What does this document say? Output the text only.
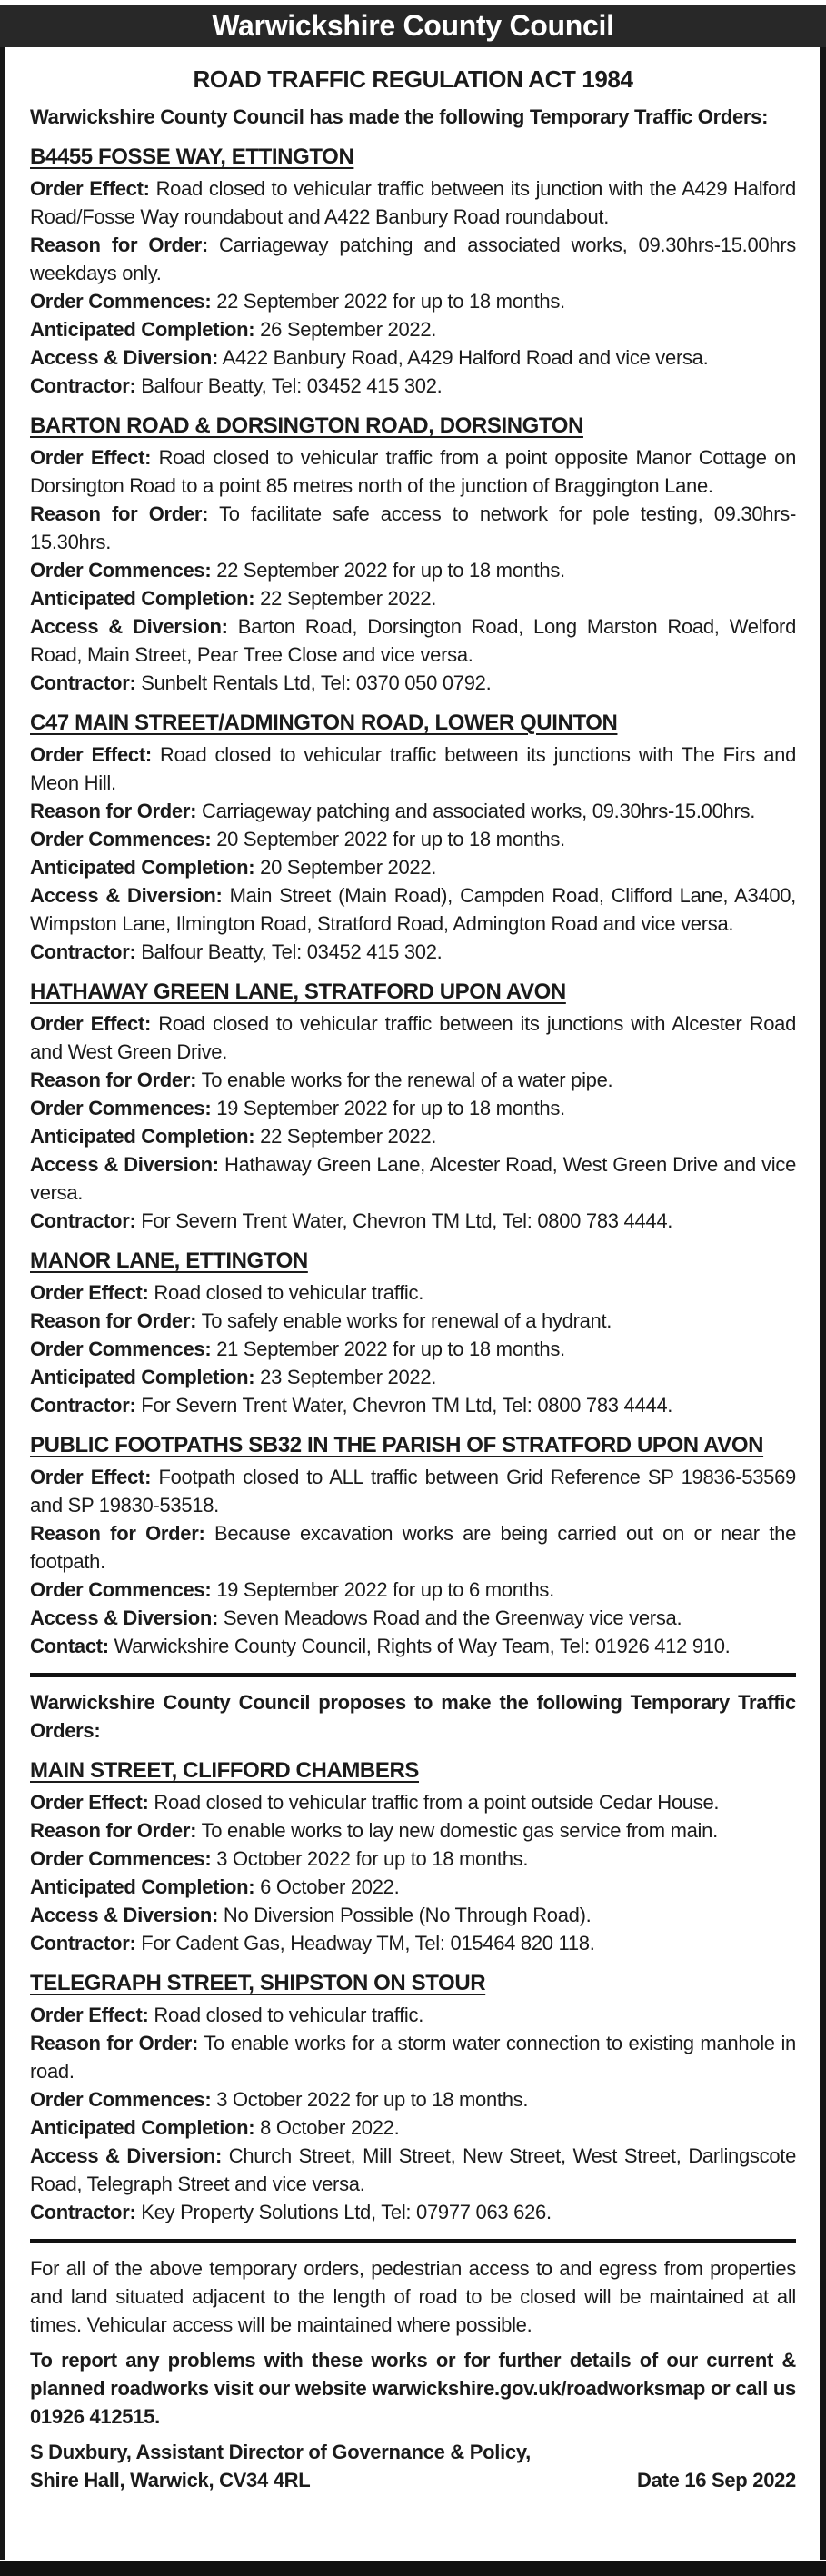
Warwickshire County Council
ROAD TRAFFIC REGULATION ACT 1984

Warwickshire County Council has made the following Temporary Traffic Orders:

B4455 FOSSE WAY, ETTINGTON

Order Effect: Road closed to vehicular traffic between its junction with the A429 Halford Road/Fosse Way roundabout and A422 Banbury Road roundabout.

Reason for Order: Carriageway patching and associated works, 09.30hrs-15.00hrs weekdays only.

Order Commences: 22 September 2022 for up to 18 months.

Anticipated Completion: 26 September 2022.

Access & Diversion: A422 Banbury Road, A429 Halford Road and vice versa.

Contractor: Balfour Beatty, Tel: 03452 415 302.

BARTON ROAD & DORSINGTON ROAD, DORSINGTON

Order Effect: Road closed to vehicular traffic from a point opposite Manor Cottage on Dorsington Road to a point 85 metres north of the junction of Braggington Lane.

Reason for Order: To facilitate safe access to network for pole testing, 09.30hrs-15.30hrs.

Order Commences: 22 September 2022 for up to 18 months.

Anticipated Completion: 22 September 2022.

Access & Diversion: Barton Road, Dorsington Road, Long Marston Road, Welford Road, Main Street, Pear Tree Close and vice versa.

Contractor: Sunbelt Rentals Ltd, Tel: 0370 050 0792.

C47 MAIN STREET/ADMINGTON ROAD, LOWER QUINTON

Order Effect: Road closed to vehicular traffic between its junctions with The Firs and Meon Hill.

Reason for Order: Carriageway patching and associated works, 09.30hrs-15.00hrs.

Order Commences: 20 September 2022 for up to 18 months.

Anticipated Completion: 20 September 2022.

Access & Diversion: Main Street (Main Road), Campden Road, Clifford Lane, A3400, Wimpston Lane, Ilmington Road, Stratford Road, Admington Road and vice versa.

Contractor: Balfour Beatty, Tel: 03452 415 302.

HATHAWAY GREEN LANE, STRATFORD UPON AVON

Order Effect: Road closed to vehicular traffic between its junctions with Alcester Road and West Green Drive.

Reason for Order: To enable works for the renewal of a water pipe.

Order Commences: 19 September 2022 for up to 18 months.

Anticipated Completion: 22 September 2022.

Access & Diversion: Hathaway Green Lane, Alcester Road, West Green Drive and vice versa.

Contractor: For Severn Trent Water, Chevron TM Ltd, Tel: 0800 783 4444.

MANOR LANE, ETTINGTON

Order Effect: Road closed to vehicular traffic.

Reason for Order: To safely enable works for renewal of a hydrant.

Order Commences: 21 September 2022 for up to 18 months.

Anticipated Completion: 23 September 2022.

Contractor: For Severn Trent Water, Chevron TM Ltd, Tel: 0800 783 4444.

PUBLIC FOOTPATHS SB32 IN THE PARISH OF STRATFORD UPON AVON

Order Effect: Footpath closed to ALL traffic between Grid Reference SP 19836-53569 and SP 19830-53518.

Reason for Order: Because excavation works are being carried out on or near the footpath.

Order Commences: 19 September 2022 for up to 6 months.

Access & Diversion: Seven Meadows Road and the Greenway vice versa.

Contact: Warwickshire County Council, Rights of Way Team, Tel: 01926 412 910.

Warwickshire County Council proposes to make the following Temporary Traffic Orders:

MAIN STREET, CLIFFORD CHAMBERS

Order Effect: Road closed to vehicular traffic from a point outside Cedar House.

Reason for Order: To enable works to lay new domestic gas service from main.

Order Commences: 3 October 2022 for up to 18 months.

Anticipated Completion: 6 October 2022.

Access & Diversion: No Diversion Possible (No Through Road).

Contractor: For Cadent Gas, Headway TM, Tel: 015464 820 118.

TELEGRAPH STREET, SHIPSTON ON STOUR

Order Effect: Road closed to vehicular traffic.

Reason for Order: To enable works for a storm water connection to existing manhole in road.

Order Commences: 3 October 2022 for up to 18 months.

Anticipated Completion: 8 October 2022.

Access & Diversion: Church Street, Mill Street, New Street, West Street, Darlingscote Road, Telegraph Street and vice versa.

Contractor: Key Property Solutions Ltd, Tel: 07977 063 626.

For all of the above temporary orders, pedestrian access to and egress from properties and land situated adjacent to the length of road to be closed will be maintained at all times. Vehicular access will be maintained where possible.

To report any problems with these works or for further details of our current & planned roadworks visit our website warwickshire.gov.uk/roadworksmap or call us 01926 412515.

S Duxbury, Assistant Director of Governance & Policy,

Shire Hall, Warwick, CV34 4RL	Date 16 Sep 2022
